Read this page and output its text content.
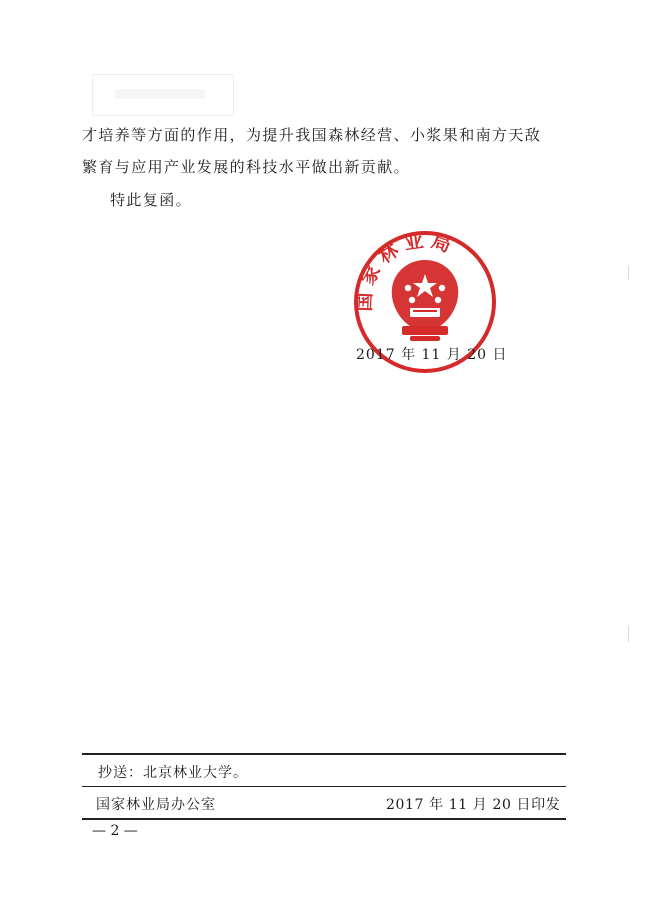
才培养等方面的作用，为提升我国森林经营、小浆果和南方天敌
繁育与应用产业发展的科技水平做出新贡献。
特此复函。
国家林业局
2017 年 11 月 20 日
抄送：北京林业大学。
国家林业局办公室	2017 年 11 月 20 日印发
— 2 —
